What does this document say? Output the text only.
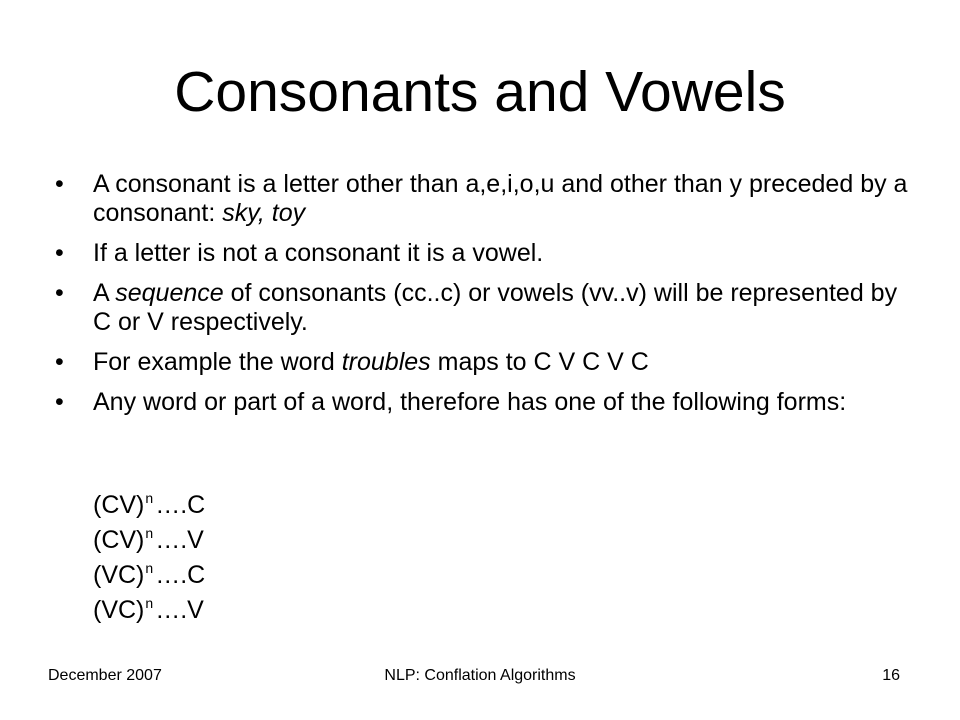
Consonants and Vowels
• A consonant is a letter other than a,e,i,o,u and other than y preceded by a consonant: sky, toy
• If a letter is not a consonant it is a vowel.
• A sequence of consonants (cc..c) or vowels (vv..v) will be represented by C or V respectively.
• For example the word troubles maps to C V C V C
• Any word or part of a word, therefore has one of the following forms:
(CV)$^n$….C
(CV)$^n$….V
(VC)$^n$….C
(VC)$^n$….V
December 2007	NLP: Conflation Algorithms	16
